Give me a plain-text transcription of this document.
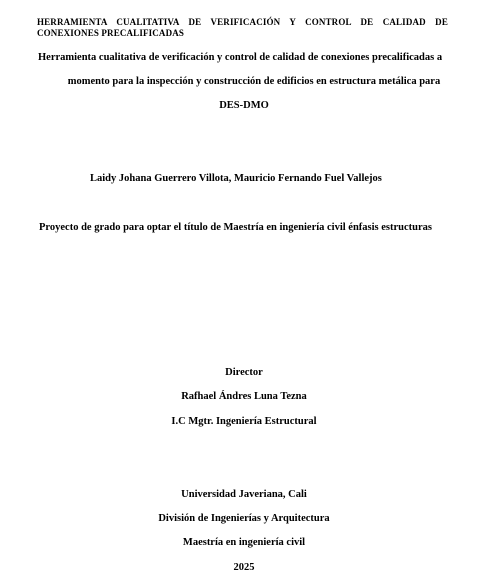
HERRAMIENTA CUALITATIVA DE VERIFICACIÓN Y CONTROL DE CALIDAD DE CONEXIONES PRECALIFICADAS
Herramienta cualitativa de verificación y control de calidad de conexiones precalificadas a
momento para la inspección y construcción de edificios en estructura metálica para
DES-DMO
Laidy Johana Guerrero Villota, Mauricio Fernando Fuel Vallejos
Proyecto de grado para optar el título de Maestría en ingeniería civil énfasis estructuras
Director
Rafhael Ándres Luna Tezna
I.C Mgtr. Ingeniería Estructural
Universidad Javeriana, Cali
División de Ingenierías y Arquitectura
Maestría en ingeniería civil
2025
